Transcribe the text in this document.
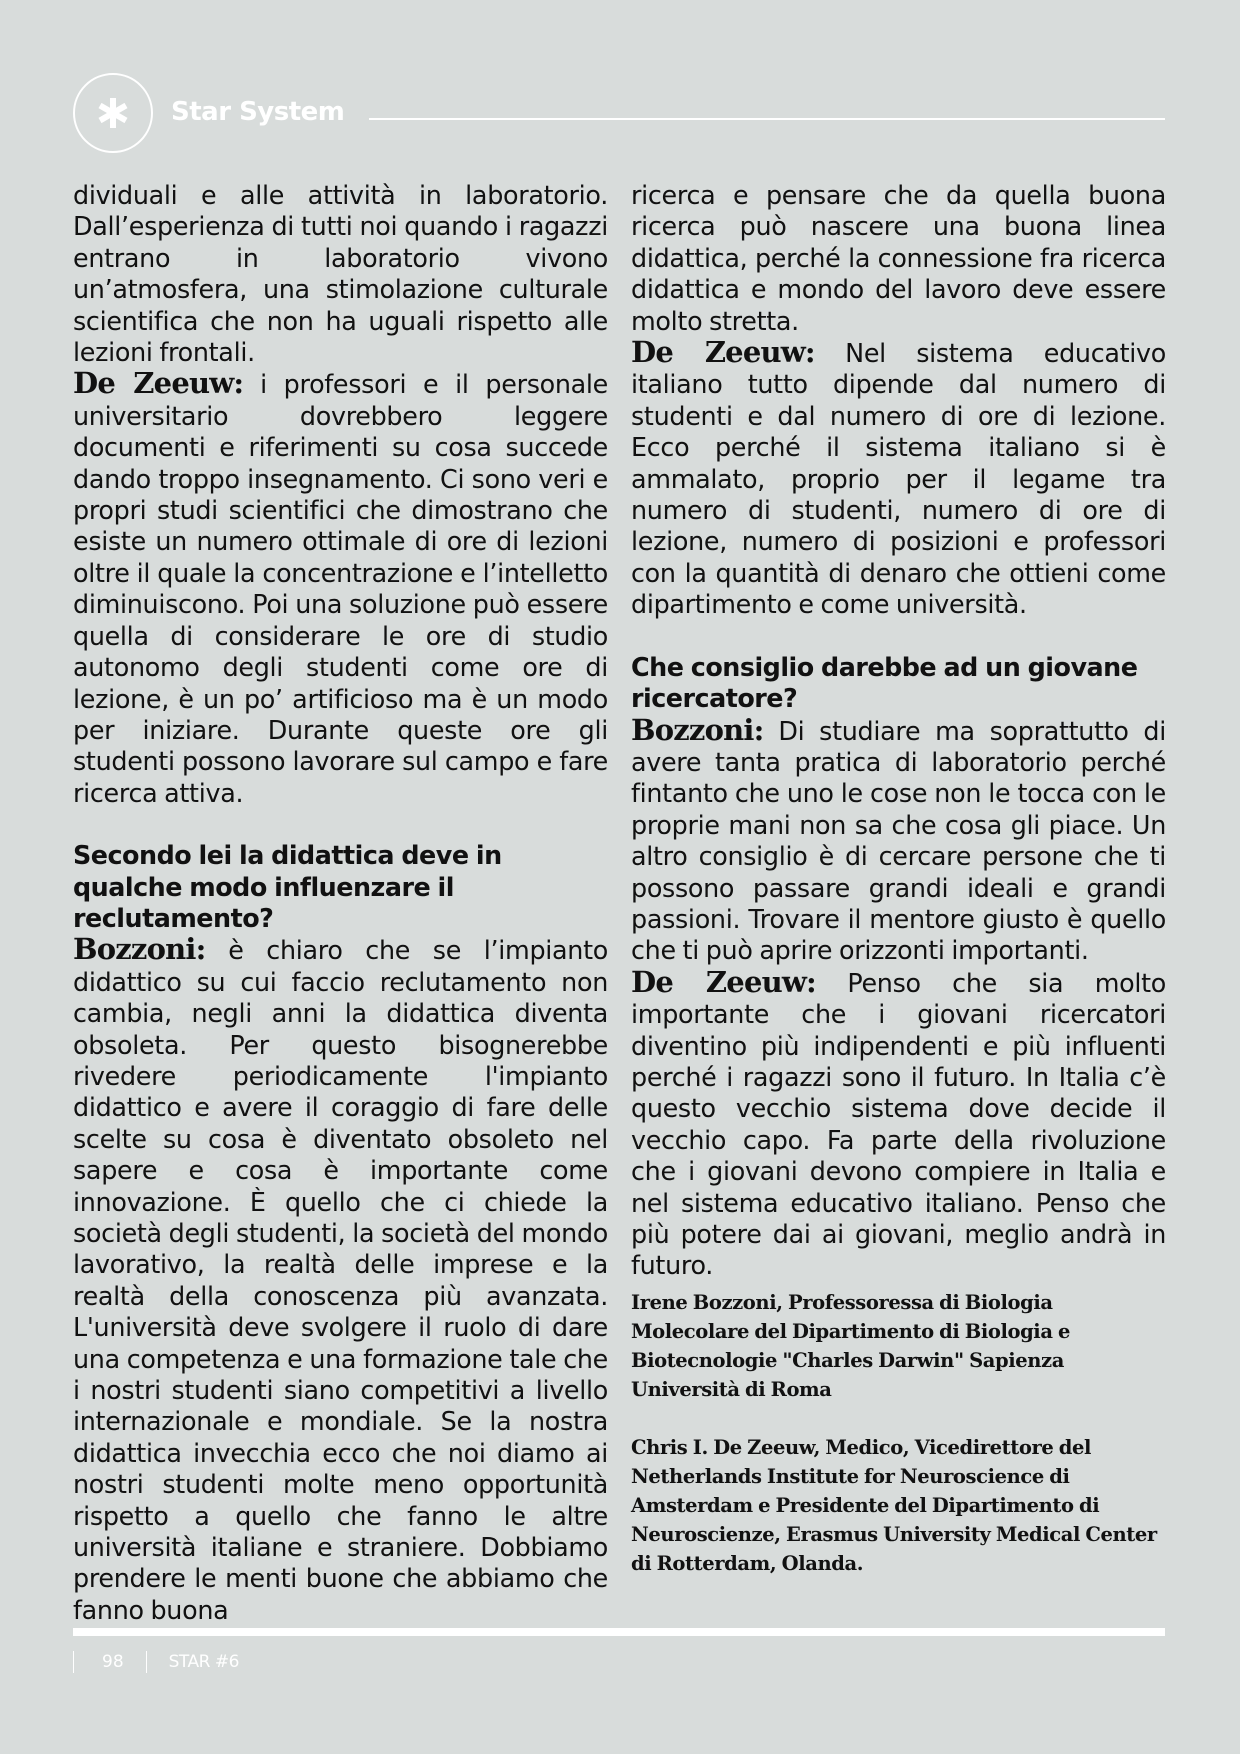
Star System

dividuali e alle attività in laboratorio. Dall’esperienza di tutti noi quando i ragazzi entrano in laboratorio vivono un’atmosfera, una stimolazione culturale scientifica che non ha uguali rispetto alle lezioni frontali.

De Zeeuw: i professori e il personale universitario dovrebbero leggere documenti e riferimenti su cosa succede dando troppo insegnamento. Ci sono veri e propri studi scientifici che dimostrano che esiste un numero ottimale di ore di lezioni oltre il quale la concentrazione e l’intelletto diminuiscono. Poi una soluzione può essere quella di considerare le ore di studio autonomo degli studenti come ore di lezione, è un po’ artificioso ma è un modo per iniziare. Durante queste ore gli studenti possono lavorare sul campo e fare ricerca attiva.

Secondo lei la didattica deve in qualche modo influenzare il reclutamento?

Bozzoni: è chiaro che se l’impianto didattico su cui faccio reclutamento non cambia, negli anni la didattica diventa obsoleta. Per questo bisognerebbe rivedere periodicamente l'impianto didattico e avere il coraggio di fare delle scelte su cosa è diventato obsoleto nel sapere e cosa è importante come innovazione. È quello che ci chiede la società degli studenti, la società del mondo lavorativo, la realtà delle imprese e la realtà della conoscenza più avanzata. L'università deve svolgere il ruolo di dare una competenza e una formazione tale che i nostri studenti siano competitivi a livello internazionale e mondiale. Se la nostra didattica invecchia ecco che noi diamo ai nostri studenti molte meno opportunità rispetto a quello che fanno le altre università italiane e straniere. Dobbiamo prendere le menti buone che abbiamo che fanno buona

ricerca e pensare che da quella buona ricerca può nascere una buona linea didattica, perché la connessione fra ricerca didattica e mondo del lavoro deve essere molto stretta.

De Zeeuw: Nel sistema educativo italiano tutto dipende dal numero di studenti e dal numero di ore di lezione. Ecco perché il sistema italiano si è ammalato, proprio per il legame tra numero di studenti, numero di ore di lezione, numero di posizioni e professori con la quantità di denaro che ottieni come dipartimento e come università.

Che consiglio darebbe ad un giovane ricercatore?

Bozzoni: Di studiare ma soprattutto di avere tanta pratica di laboratorio perché fintanto che uno le cose non le tocca con le proprie mani non sa che cosa gli piace. Un altro consiglio è di cercare persone che ti possono passare grandi ideali e grandi passioni. Trovare il mentore giusto è quello che ti può aprire orizzonti importanti.

De Zeeuw: Penso che sia molto importante che i giovani ricercatori diventino più indipendenti e più influenti perché i ragazzi sono il futuro. In Italia c’è questo vecchio sistema dove decide il vecchio capo. Fa parte della rivoluzione che i giovani devono compiere in Italia e nel sistema educativo italiano. Penso che più potere dai ai giovani, meglio andrà in futuro.

Irene Bozzoni, Professoressa di Biologia Molecolare del Dipartimento di Biologia e Biotecnologie "Charles Darwin" Sapienza Università di Roma

Chris I. De Zeeuw, Medico, Vicedirettore del Netherlands Institute for Neuroscience di Amsterdam e Presidente del Dipartimento di Neuroscienze, Erasmus University Medical Center di Rotterdam, Olanda.

98	STAR #6
